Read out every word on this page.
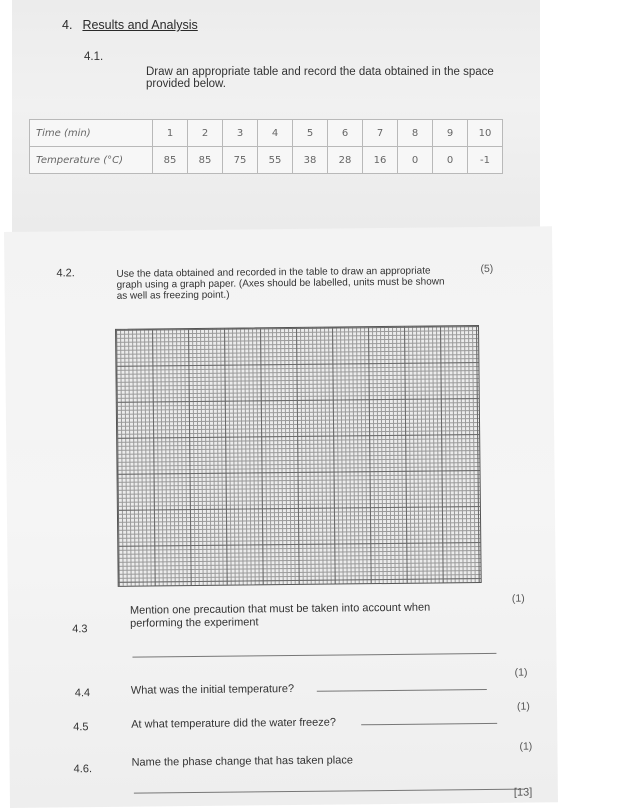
4. Results and Analysis
4.1.
Draw an appropriate table and record the data obtained in the space provided below.
Time (min)	1	2	3	4	5	6	7	8	9	10
Temperature (°C)	85	85	75	55	38	28	16	0	0	-1
4.2.	Use the data obtained and recorded in the table to draw an appropriate graph using a graph paper. (Axes should be labelled, units must be shown as well as freezing point.)
(5)
4.3
Mention one precaution that must be taken into account when performing the experiment
(1)
4.4	What was the initial temperature?
(1)
4.5	At what temperature did the water freeze?
(1)
4.6.
Name the phase change that has taken place
(1)
[13]
